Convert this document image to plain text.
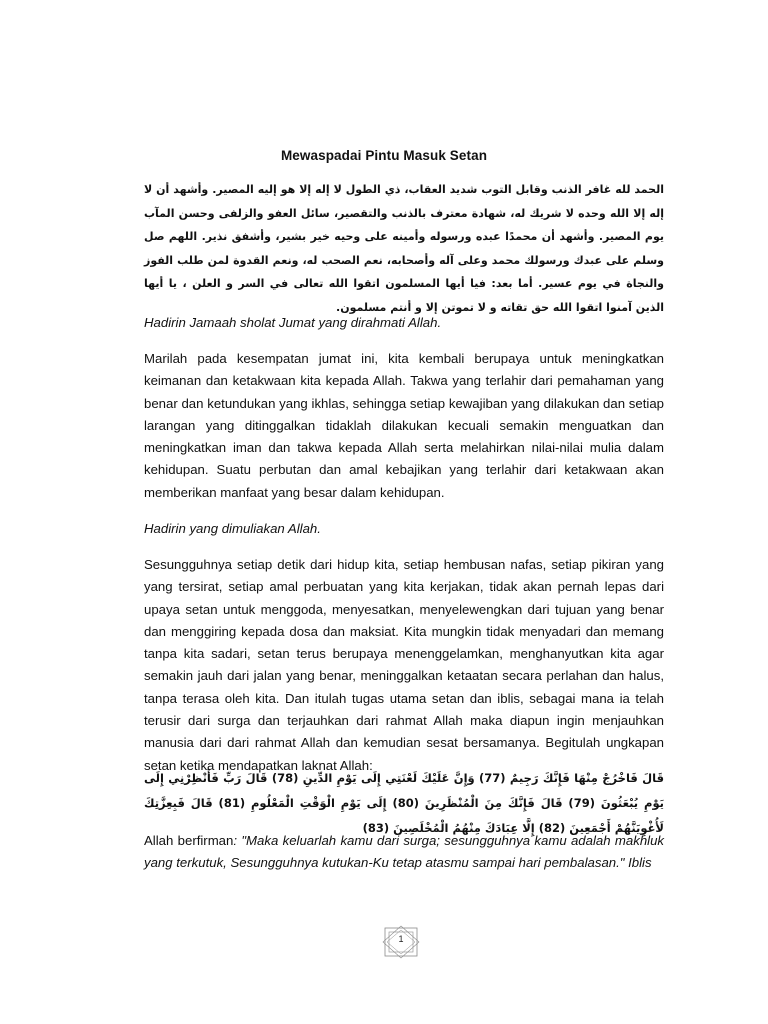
Mewaspadai Pintu Masuk Setan
الحمد لله غافر الذنب وقابل التوب شديد العقاب، ذي الطول لا إله إلا هو إليه المصير. وأشهد أن لا إله إلا الله وحده لا شريك له، شهادة معترف بالذنب والتقصير، سائل العفو والزلفى وحسن المآب يوم المصير. وأشهد أن محمدًا عبده ورسوله وأمينه على وحيه خير بشير، وأشفق نذير. اللهم صل وسلم على عبدك ورسولك محمد وعلى آله وأصحابه، نعم الصحب له، ونعم القدوة لمن طلب الفوز والنجاة في يوم عسير. أما بعد: فيا أيها المسلمون اتقوا الله تعالى في السر و العلن ، يا أيها الذين آمنوا اتقوا الله حق تقاته و لا تموتن إلا و أنتم مسلمون.
Hadirin Jamaah sholat Jumat yang dirahmati Allah.
Marilah pada kesempatan jumat ini, kita kembali berupaya untuk meningkatkan keimanan dan ketakwaan kita kepada Allah. Takwa yang terlahir dari pemahaman yang benar dan ketundukan yang ikhlas, sehingga setiap kewajiban yang dilakukan dan setiap larangan yang ditinggalkan tidaklah dilakukan kecuali semakin menguatkan dan meningkatkan iman dan takwa kepada Allah serta melahirkan nilai-nilai mulia dalam kehidupan. Suatu perbutan dan amal kebajikan yang terlahir dari ketakwaan akan memberikan manfaat yang besar dalam kehidupan.
Hadirin yang dimuliakan Allah.
Sesungguhnya setiap detik dari hidup kita, setiap hembusan nafas, setiap pikiran yang yang tersirat, setiap amal perbuatan yang kita kerjakan, tidak akan pernah lepas dari upaya setan untuk menggoda, menyesatkan, menyelewengkan dari tujuan yang benar dan menggiring kepada dosa dan maksiat. Kita mungkin tidak menyadari dan memang tanpa kita sadari, setan terus berupaya menenggelamkan, menghanyutkan kita agar semakin jauh dari jalan yang benar, meninggalkan ketaatan secara perlahan dan halus, tanpa terasa oleh kita. Dan itulah tugas utama setan dan iblis, sebagai mana ia telah terusir dari surga dan terjauhkan dari rahmat Allah maka diapun ingin menjauhkan manusia dari dari rahmat Allah dan kemudian sesat bersamanya. Begitulah ungkapan setan ketika mendapatkan laknat Allah:
قَالَ فَاخْرُجْ مِنْهَا فَإِنَّكَ رَجِيمٌ (77) وَإِنَّ عَلَيْكَ لَعْنَتِي إِلَى يَوْمِ الدِّينِ (78) قَالَ رَبِّ فَأَنْظِرْنِي إِلَى يَوْمِ يُبْعَثُونَ (79) قَالَ فَإِنَّكَ مِنَ الْمُنْظَرِينَ (80) إِلَى يَوْمِ الْوَقْتِ الْمَعْلُومِ (81) قَالَ فَبِعِزَّتِكَ لَأُغْوِيَنَّهُمْ أَجْمَعِينَ (82) إِلَّا عِبَادَكَ مِنْهُمُ الْمُخْلَصِينَ (83)
Allah berfirman: "Maka keluarlah kamu dari surga; sesungguhnya kamu adalah makhluk yang terkutuk, Sesungguhnya kutukan-Ku tetap atasmu sampai hari pembalasan." Iblis
1
